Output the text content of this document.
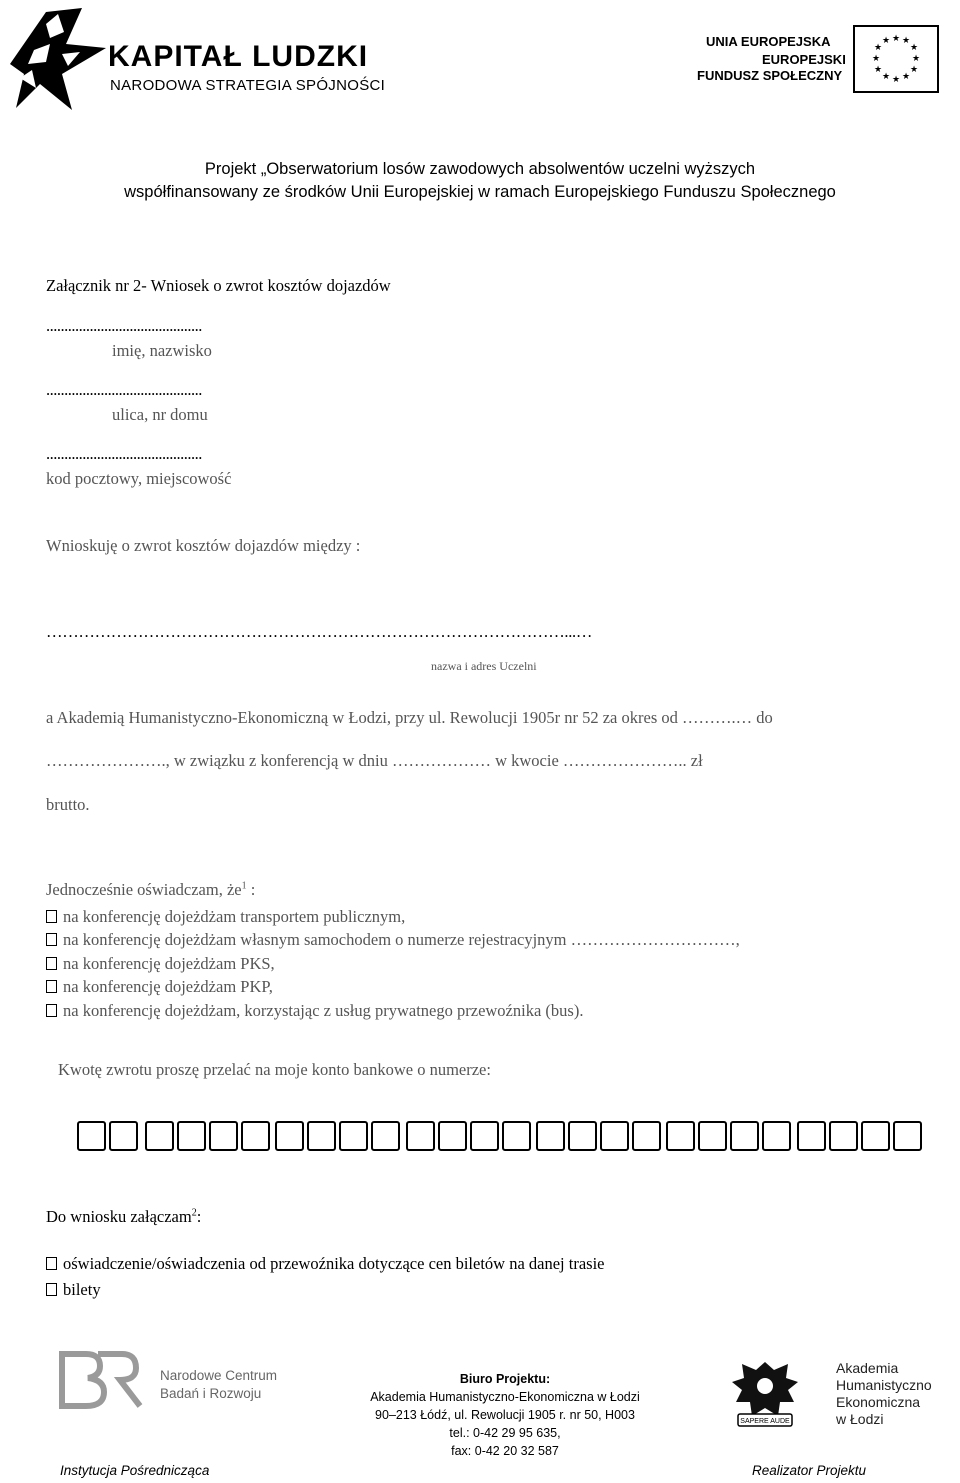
KAPITAŁ LUDZKI
NARODOWA STRATEGIA SPÓJNOŚCI
UNIA EUROPEJSKA
EUROPEJSKI
FUNDUSZ SPOŁECZNY
★ ★
★
★
★
★
★
★
★
★
★
★
Projekt „Obserwatorium losów zawodowych absolwentów uczelni wyższych
współfinansowany ze środków Unii Europejskiej w ramach Europejskiego Funduszu Społecznego
Załącznik nr 2- Wniosek o zwrot kosztów dojazdów
...........................................
imię, nazwisko
...........................................
ulica, nr domu
...........................................
kod pocztowy, miejscowość
Wnioskuję o zwrot kosztów dojazdów między :
……………………………………………………………………………………...…
nazwa i adres Uczelni
a Akademią Humanistyczno-Ekonomiczną w Łodzi, przy ul. Rewolucji 1905r nr 52 za okres od ……….… do
…………………., w związku z konferencją w dniu ……………… w kwocie ………………….. zł
brutto.
Jednocześnie oświadczam, $że^1$ :
na konferencję dojeżdżam transportem publicznym,
na konferencję dojeżdżam własnym samochodem o numerze rejestracyjnym …………………………,
na konferencję dojeżdżam PKS,
na konferencję dojeżdżam PKP,
na konferencję dojeżdżam, korzystając z usług prywatnego przewoźnika (bus).
Kwotę zwrotu proszę przelać na moje konto bankowe o numerze:
Do wniosku załączam$^2$:
oświadczenie/oświadczenia od przewoźnika dotyczące cen biletów na danej trasie
bilety
Narodowe Centrum
Badań i Rozwoju
Biuro Projektu:
Akademia Humanistyczno-Ekonomiczna w Łodzi
90–213 Łódź, ul. Rewolucji 1905 r. nr 50, H003
tel.: 0-42 29 95 635,
fax: 0-42 20 32 587
SAPERE AUDE
Akademia
Humanistyczno
Ekonomiczna
w Łodzi
Instytucja Pośrednicząca	Realizator Projektu
